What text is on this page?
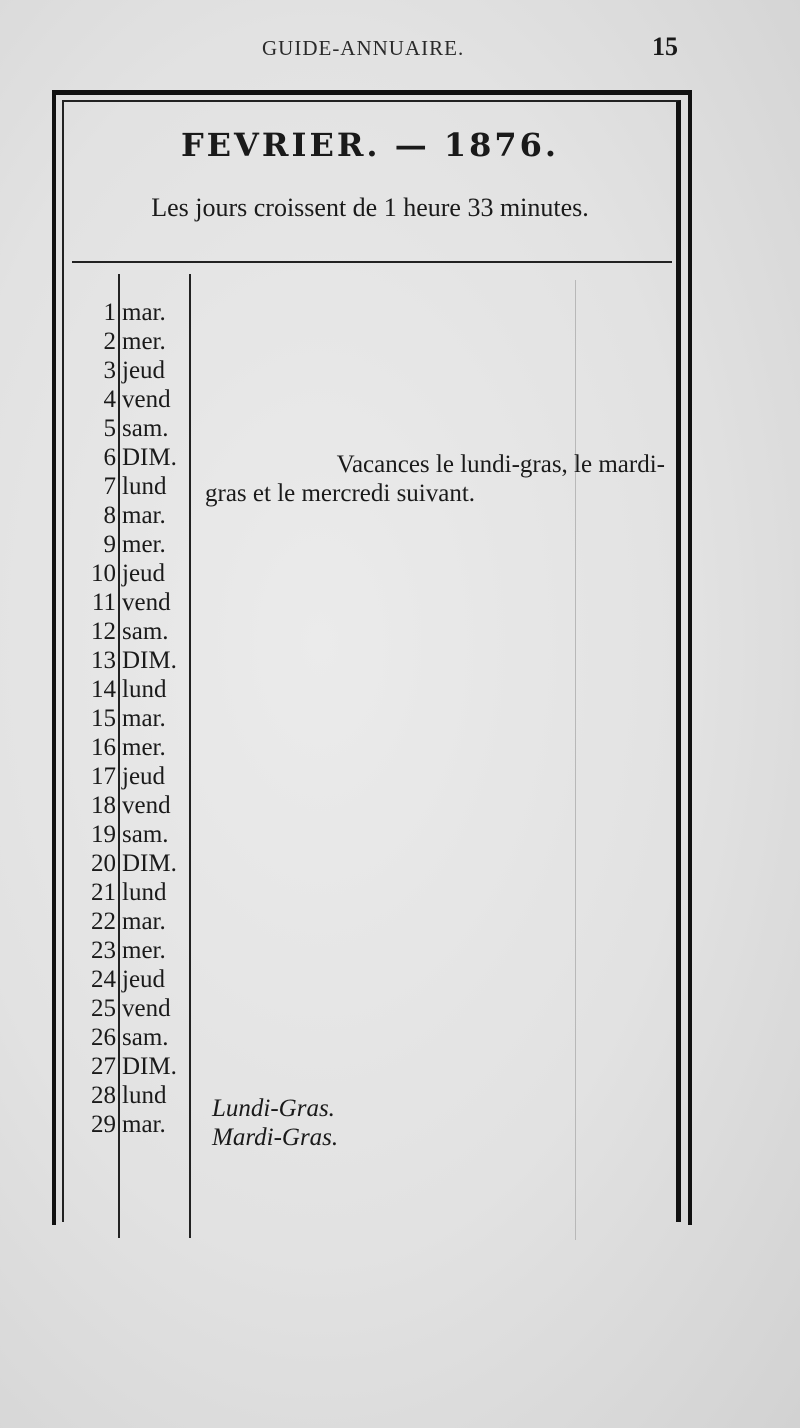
GUIDE-ANNUAIRE.	15
FEVRIER. — 1876.
Les jours croissent de 1 heure 33 minutes.
1 mar.
2 mer.
3 jeud
4 vend
5 sam.
6 DIM.
7 lund
8 mar.
9 mer.
10 jeud
11 vend
12 sam.
13 DIM.
14 lund
15 mar.
16 mer.
17 jeud
18 vend
19 sam.
20 DIM.
21 lund
22 mar.
23 mer.
24 jeud
25 vend
26 sam.
27 DIM.
28 lund
29 mar.
Vacances le lundi-gras, le mardi-
gras et le mercredi suivant.
Lundi-Gras.
Mardi-Gras.
